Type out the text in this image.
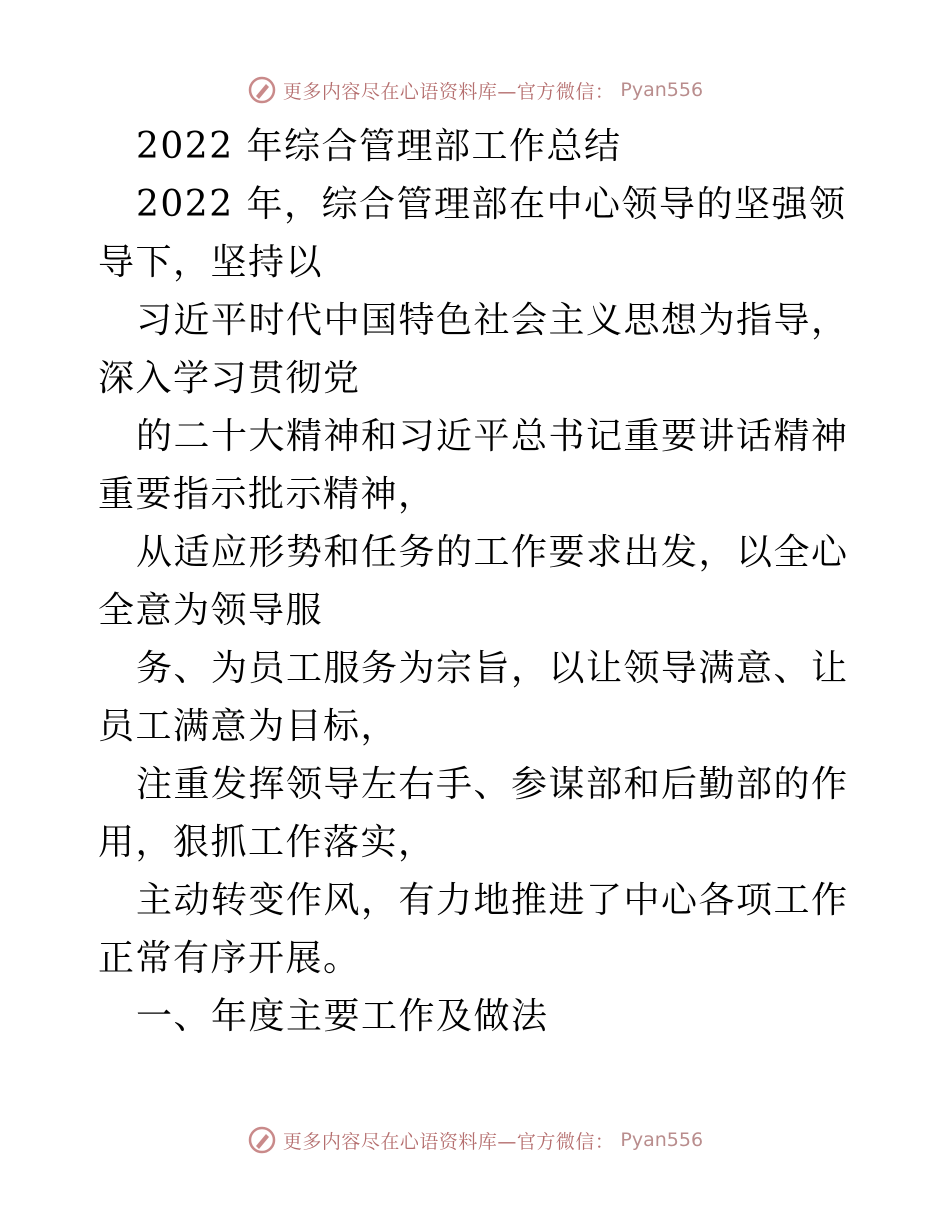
更多内容尽在心语资料库—官方微信： Pyan556

2022 年综合管理部工作总结

2022 年，综合管理部在中心领导的坚强领导下，坚持以

习近平时代中国特色社会主义思想为指导，深入学习贯彻党

的二十大精神和习近平总书记重要讲话精神重要指示批示精神，

从适应形势和任务的工作要求出发，以全心全意为领导服

务、为员工服务为宗旨，以让领导满意、让员工满意为目标，

注重发挥领导左右手、参谋部和后勤部的作用，狠抓工作落实，

主动转变作风，有力地推进了中心各项工作正常有序开展。

一、年度主要工作及做法

更多内容尽在心语资料库—官方微信： Pyan556
